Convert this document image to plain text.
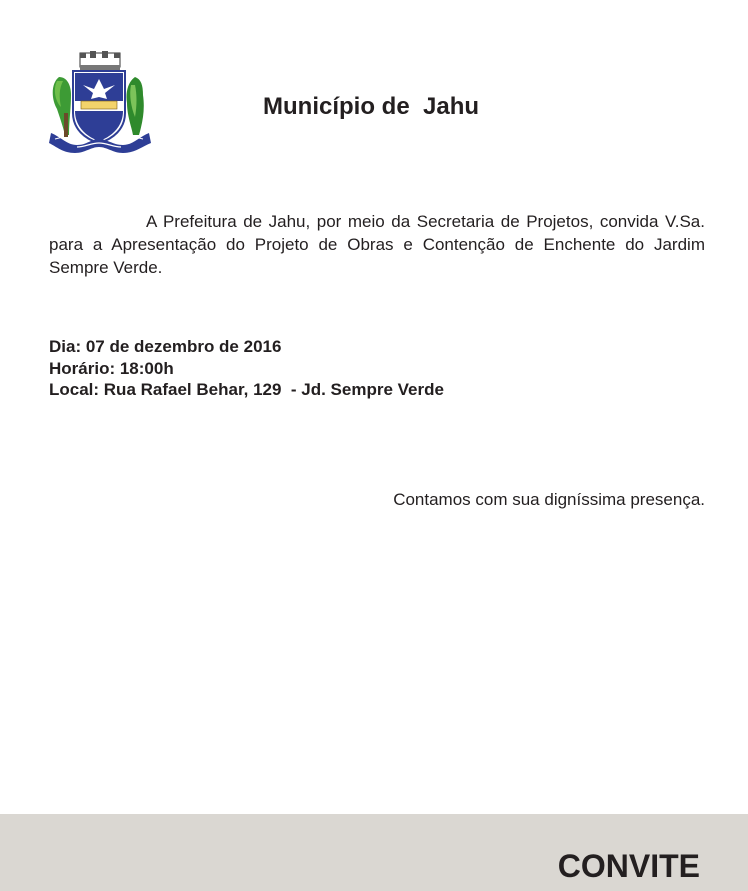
Município de  Jahu

A Prefeitura de Jahu, por meio da Secretaria de Projetos, convida V.Sa. para a Apresentação do Projeto de Obras e Contenção de Enchente do Jardim Sempre Verde.

Dia: 07 de dezembro de 2016
Horário: 18:00h
Local: Rua Rafael Behar, 129  - Jd. Sempre Verde

Contamos com sua digníssima presença.

CONVITE
